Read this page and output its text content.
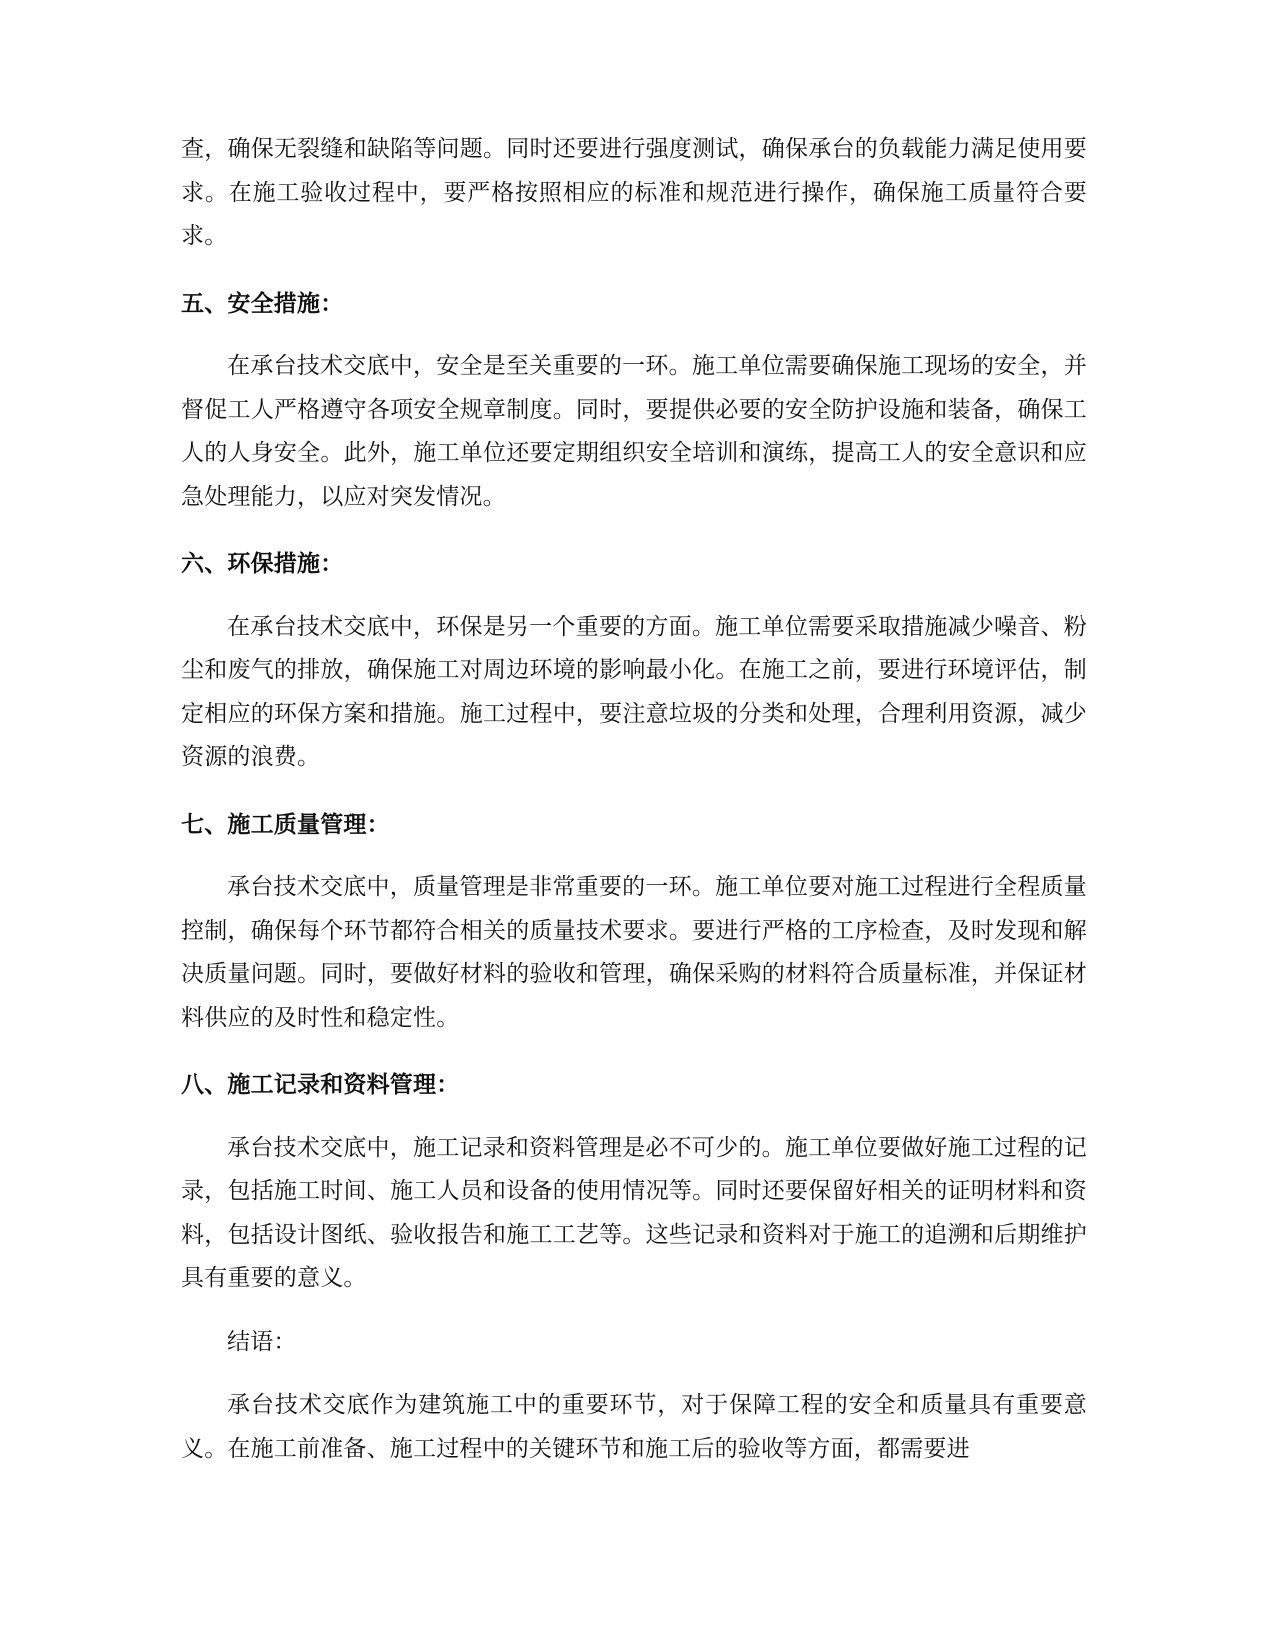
查，确保无裂缝和缺陷等问题。同时还要进行强度测试，确保承台的负载能力满足使用要求。在施工验收过程中，要严格按照相应的标准和规范进行操作，确保施工质量符合要求。

五、安全措施：

在承台技术交底中，安全是至关重要的一环。施工单位需要确保施工现场的安全，并督促工人严格遵守各项安全规章制度。同时，要提供必要的安全防护设施和装备，确保工人的人身安全。此外，施工单位还要定期组织安全培训和演练，提高工人的安全意识和应急处理能力，以应对突发情况。

六、环保措施：

在承台技术交底中，环保是另一个重要的方面。施工单位需要采取措施减少噪音、粉尘和废气的排放，确保施工对周边环境的影响最小化。在施工之前，要进行环境评估，制定相应的环保方案和措施。施工过程中，要注意垃圾的分类和处理，合理利用资源，减少资源的浪费。

七、施工质量管理：

承台技术交底中，质量管理是非常重要的一环。施工单位要对施工过程进行全程质量控制，确保每个环节都符合相关的质量技术要求。要进行严格的工序检查，及时发现和解决质量问题。同时，要做好材料的验收和管理，确保采购的材料符合质量标准，并保证材料供应的及时性和稳定性。

八、施工记录和资料管理：

承台技术交底中，施工记录和资料管理是必不可少的。施工单位要做好施工过程的记录，包括施工时间、施工人员和设备的使用情况等。同时还要保留好相关的证明材料和资料，包括设计图纸、验收报告和施工工艺等。这些记录和资料对于施工的追溯和后期维护具有重要的意义。

结语：

承台技术交底作为建筑施工中的重要环节，对于保障工程的安全和质量具有重要意义。在施工前准备、施工过程中的关键环节和施工后的验收等方面，都需要进
